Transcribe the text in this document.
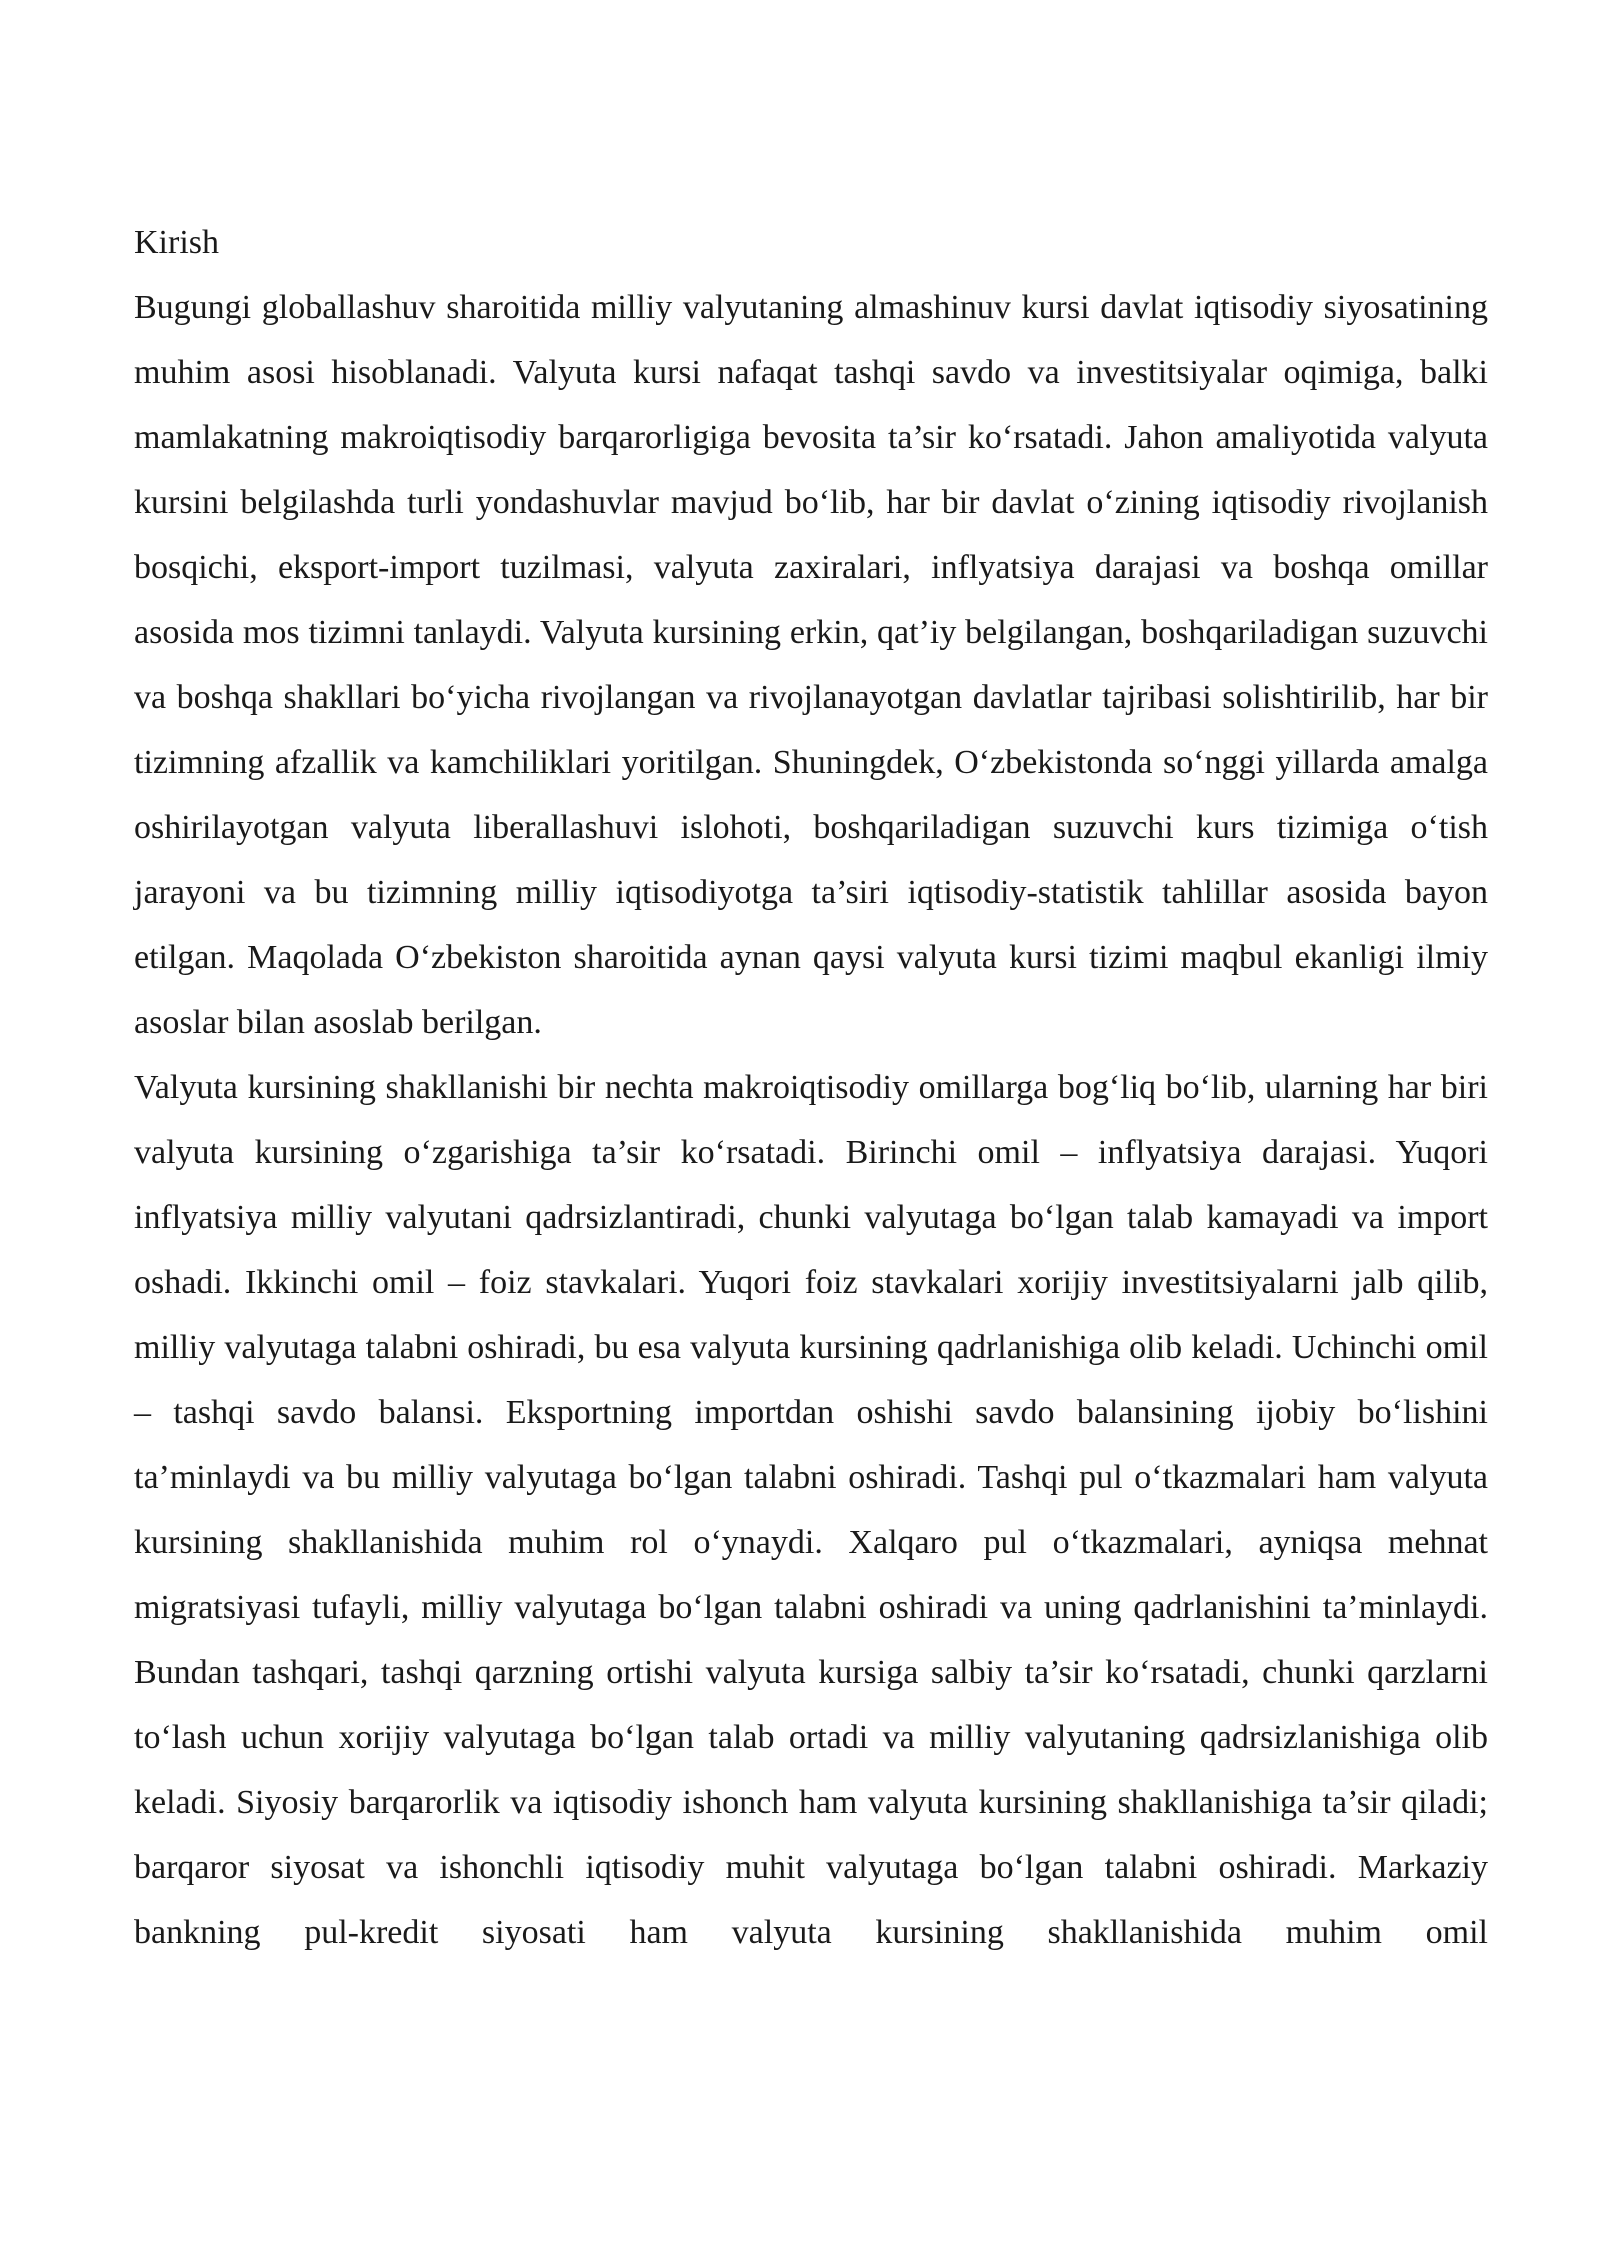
Kirish

Bugungi globallashuv sharoitida milliy valyutaning almashinuv kursi davlat iqtisodiy siyosatining muhim asosi hisoblanadi. Valyuta kursi nafaqat tashqi savdo va investitsiyalar oqimiga, balki mamlakatning makroiqtisodiy barqarorligiga bevosita ta’sir ko‘rsatadi. Jahon amaliyotida valyuta kursini belgilashda turli yondashuvlar mavjud bo‘lib, har bir davlat o‘zining iqtisodiy rivojlanish bosqichi, eksport-import tuzilmasi, valyuta zaxiralari, inflyatsiya darajasi va boshqa omillar asosida mos tizimni tanlaydi. Valyuta kursining erkin, qat’iy belgilangan, boshqariladigan suzuvchi va boshqa shakllari bo‘yicha rivojlangan va rivojlanayotgan davlatlar tajribasi solishtirilib, har bir tizimning afzallik va kamchiliklari yoritilgan. Shuningdek, O‘zbekistonda so‘nggi yillarda amalga oshirilayotgan valyuta liberallashuvi islohoti, boshqariladigan suzuvchi kurs tizimiga o‘tish jarayoni va bu tizimning milliy iqtisodiyotga ta’siri iqtisodiy-statistik tahlillar asosida bayon etilgan. Maqolada O‘zbekiston sharoitida aynan qaysi valyuta kursi tizimi maqbul ekanligi ilmiy asoslar bilan asoslab berilgan.

Valyuta kursining shakllanishi bir nechta makroiqtisodiy omillarga bog‘liq bo‘lib, ularning har biri valyuta kursining o‘zgarishiga ta’sir ko‘rsatadi. Birinchi omil – inflyatsiya darajasi. Yuqori inflyatsiya milliy valyutani qadrsizlantiradi, chunki valyutaga bo‘lgan talab kamayadi va import oshadi. Ikkinchi omil – foiz stavkalari. Yuqori foiz stavkalari xorijiy investitsiyalarni jalb qilib, milliy valyutaga talabni oshiradi, bu esa valyuta kursining qadrlanishiga olib keladi. Uchinchi omil – tashqi savdo balansi. Eksportning importdan oshishi savdo balansining ijobiy bo‘lishini ta’minlaydi va bu milliy valyutaga bo‘lgan talabni oshiradi. Tashqi pul o‘tkazmalari ham valyuta kursining shakllanishida muhim rol o‘ynaydi. Xalqaro pul o‘tkazmalari, ayniqsa mehnat migratsiyasi tufayli, milliy valyutaga bo‘lgan talabni oshiradi va uning qadrlanishini ta’minlaydi. Bundan tashqari, tashqi qarzning ortishi valyuta kursiga salbiy ta’sir ko‘rsatadi, chunki qarzlarni to‘lash uchun xorijiy valyutaga bo‘lgan talab ortadi va milliy valyutaning qadrsizlanishiga olib keladi. Siyosiy barqarorlik va iqtisodiy ishonch ham valyuta kursining shakllanishiga ta’sir qiladi; barqaror siyosat va ishonchli iqtisodiy muhit valyutaga bo‘lgan talabni oshiradi. Markaziy bankning pul-kredit siyosati ham valyuta kursining shakllanishida muhim omil
